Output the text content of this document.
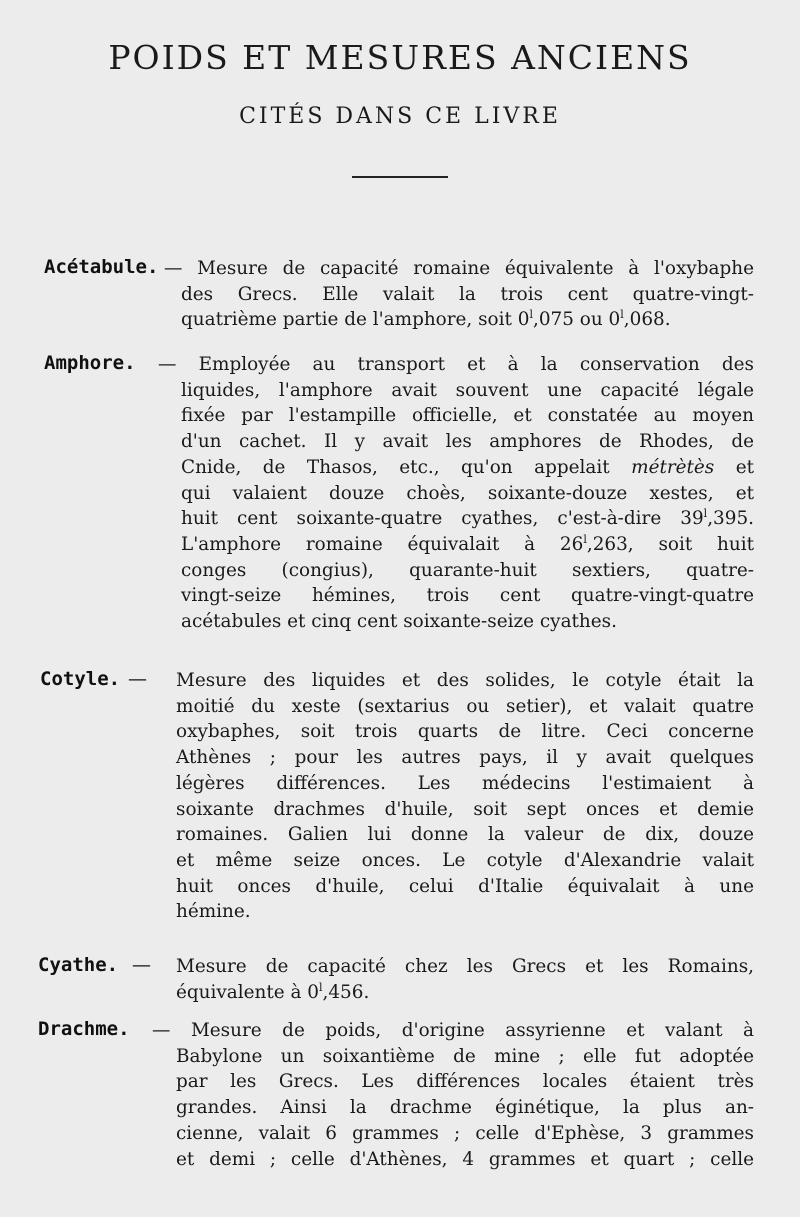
POIDS ET MESURES ANCIENS
CITÉS DANS CE LIVRE
Acétabule. — Mesure de capacité romaine équivalente à l'oxybaphe
des Grecs. Elle valait la trois cent quatre-vingt-
quatrième partie de l'amphore, soit 0$^l$,075 ou 0$^l$,068.
Amphore. — Employée au transport et à la conservation des
liquides, l'amphore avait souvent une capacité légale
fixée par l'estampille officielle, et constatée au moyen
d'un cachet. Il y avait les amphores de Rhodes, de
Cnide, de Thasos, etc., qu'on appelait métrètès et
qui valaient douze choès, soixante-douze xestes, et
huit cent soixante-quatre cyathes, c'est-à-dire 39$^l$,395.
L'amphore romaine équivalait à 26$^l$,263, soit huit
conges (congius), quarante-huit sextiers, quatre-
vingt-seize hémines, trois cent quatre-vingt-quatre
acétabules et cinq cent soixante-seize cyathes.
Cotyle. — Mesure des liquides et des solides, le cotyle était la
moitié du xeste (sextarius ou setier), et valait quatre
oxybaphes, soit trois quarts de litre. Ceci concerne
Athènes ; pour les autres pays, il y avait quelques
légères différences. Les médecins l'estimaient à
soixante drachmes d'huile, soit sept onces et demie
romaines. Galien lui donne la valeur de dix, douze
et même seize onces. Le cotyle d'Alexandrie valait
huit onces d'huile, celui d'Italie équivalait à une
hémine.
Cyathe. — Mesure de capacité chez les Grecs et les Romains,
équivalente à 0$^l$,456.
Drachme. — Mesure de poids, d'origine assyrienne et valant à
Babylone un soixantième de mine ; elle fut adoptée
par les Grecs. Les différences locales étaient très
grandes. Ainsi la drachme éginétique, la plus an-
cienne, valait 6 grammes ; celle d'Ephèse, 3 grammes
et demi ; celle d'Athènes, 4 grammes et quart ; celle
